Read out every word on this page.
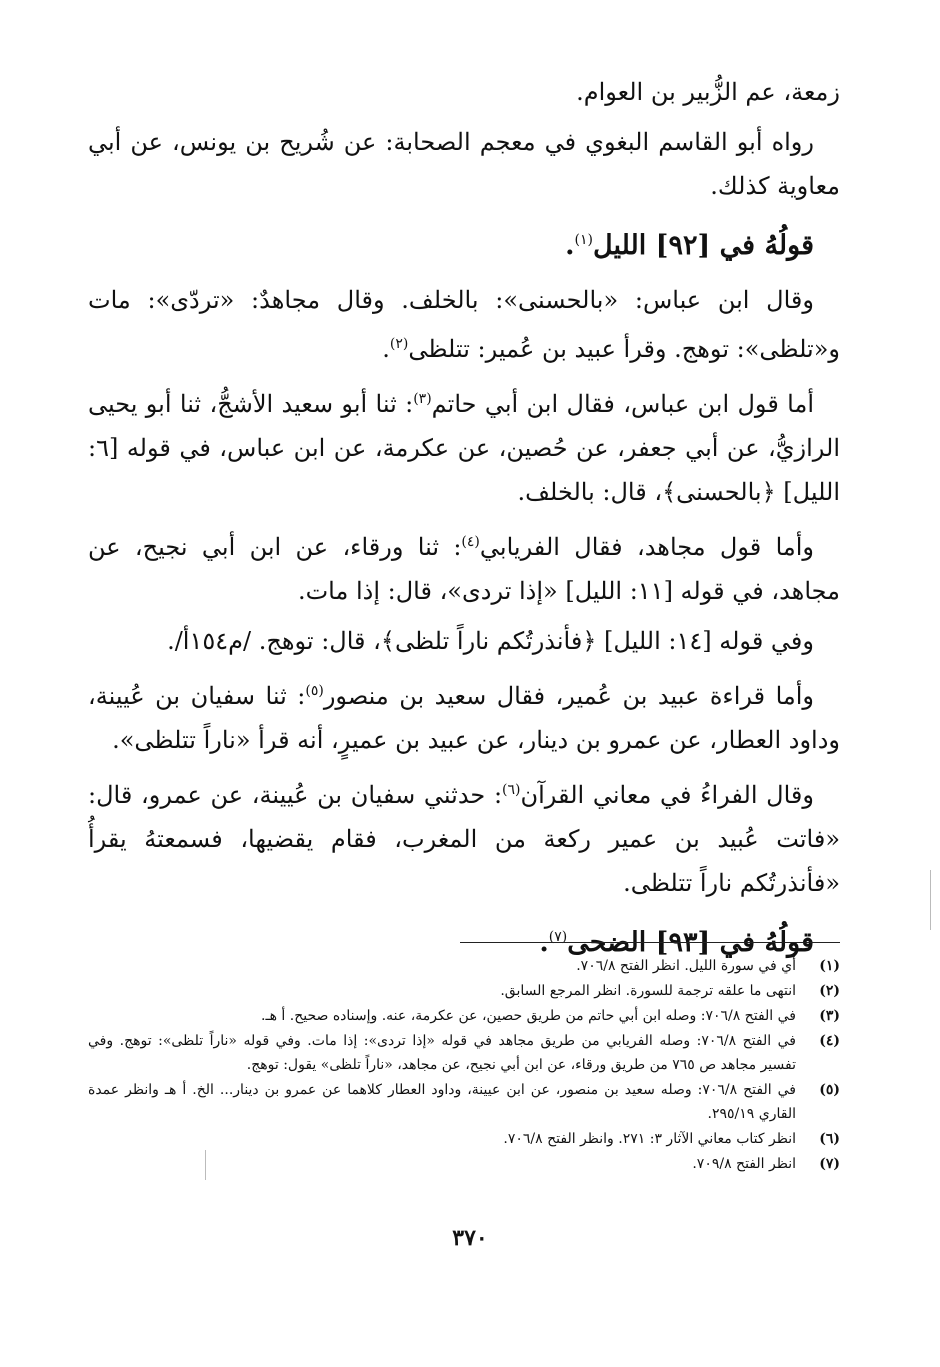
زمعة، عم الزُّبير بن العوام.

رواه أبو القاسم البغوي في معجم الصحابة: عن شُريح بن يونس، عن أبي معاوية كذلك.

قولُهُ في [٩٢] الليل$^{(١)}$.

وقال ابن عباس: «بالحسنى»: بالخلف. وقال مجاهدٌ: «تردّى»: مات و«تلظى»: توهج. وقرأ عبيد بن عُمير: تتلظى$^{(٢)}$.

أما قول ابن عباس، فقال ابن أبي حاتم$^{(٣)}$: ثنا أبو سعيد الأشجُّ، ثنا أبو يحيى الرازيُّ، عن أبي جعفر، عن حُصين، عن عكرمة، عن ابن عباس، في قوله [٦: الليل] ﴿بالحسنى﴾، قال: بالخلف.

وأما قول مجاهد، فقال الفريابي$^{(٤)}$: ثنا ورقاء، عن ابن أبي نجيح، عن مجاهد، في قوله [١١: الليل] «إذا تردى»، قال: إذا مات.

وفي قوله [١٤: الليل] ﴿فأنذرتُكم ناراً تلظى﴾، قال: توهج. /م١٥٤أ/.

وأما قراءة عبيد بن عُمير، فقال سعيد بن منصور$^{(٥)}$: ثنا سفيان بن عُيينة، وداود العطار، عن عمرو بن دينار، عن عبيد بن عميرٍ، أنه قرأ «ناراً تتلظى».

وقال الفراءُ في معاني القرآن$^{(٦)}$: حدثني سفيان بن عُيينة، عن عمرو، قال: «فاتت عُبيد بن عمير ركعة من المغرب، فقام يقضيها، فسمعتهُ يقرأُ «فأنذرتُكم ناراً تتلظى.

قولُهُ في [٩٣] الضحى$^{(٧)}$.
(١)
أي في سورة الليل. انظر الفتح ٧٠٦/٨.
(٢)
انتهى ما علقه ترجمة للسورة. انظر المرجع السابق.
(٣)
في الفتح ٧٠٦/٨: وصله ابن أبي حاتم من طريق حصين، عن عكرمة، عنه. وإسناده صحيح. أ هـ.
(٤)
في الفتح ٧٠٦/٨: وصله الفريابي من طريق مجاهد في قوله «إذا تردى»: إذا مات. وفي قوله «ناراً تلظى»: توهج. وفي تفسير مجاهد ص ٧٦٥ من طريق ورقاء، عن ابن أبي نجيح، عن مجاهد، «ناراً تلظى» يقول: توهج.
(٥)
في الفتح ٧٠٦/٨: وصله سعيد بن منصور، عن ابن عيينة، وداود العطار كلاهما عن عمرو بن دينار... الخ. أ هـ وانظر عمدة القاري ٢٩٥/١٩.
(٦)
انظر كتاب معاني الآثار ٣: ٢٧١. وانظر الفتح ٧٠٦/٨.
(٧)
انظر الفتح ٧٠٩/٨.
٣٧٠
